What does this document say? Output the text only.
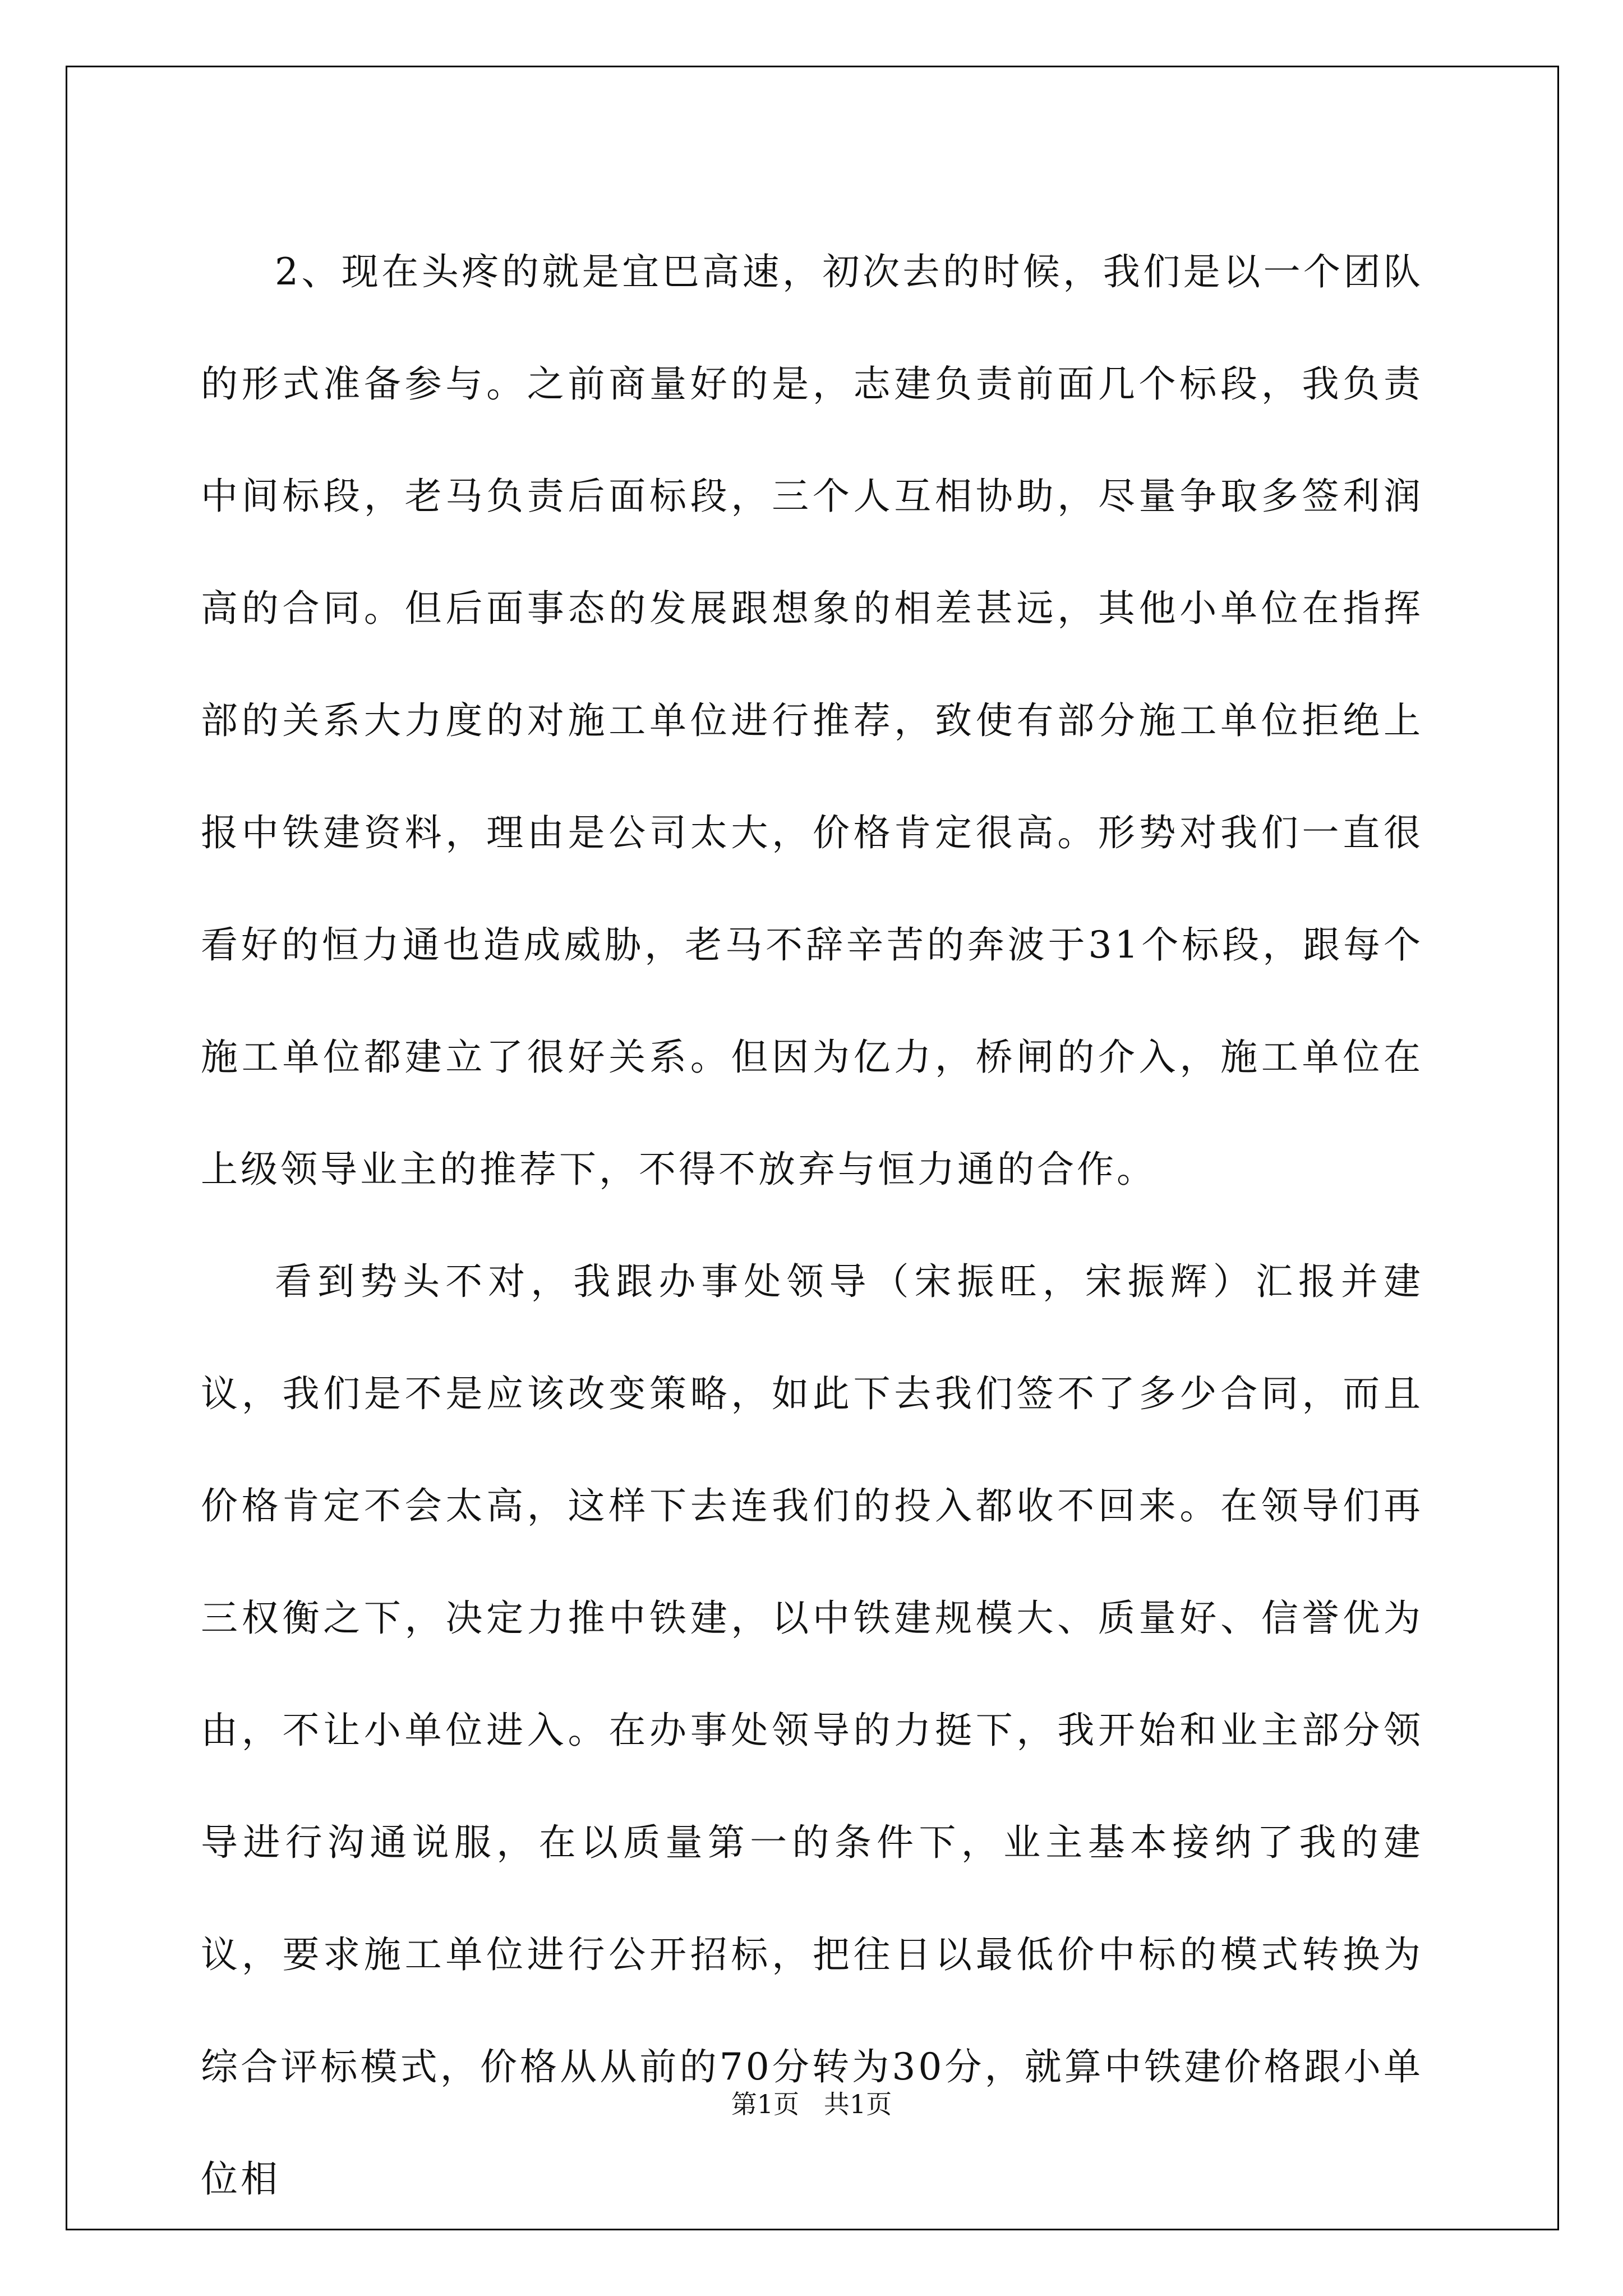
2、现在头疼的就是宜巴高速，初次去的时候，我们是以一个团队的形式准备参与。之前商量好的是，志建负责前面几个标段，我负责中间标段，老马负责后面标段，三个人互相协助，尽量争取多签利润高的合同。但后面事态的发展跟想象的相差甚远，其他小单位在指挥部的关系大力度的对施工单位进行推荐，致使有部分施工单位拒绝上报中铁建资料，理由是公司太大，价格肯定很高。形势对我们一直很看好的恒力通也造成威胁，老马不辞辛苦的奔波于31个标段，跟每个施工单位都建立了很好关系。但因为亿力，桥闸的介入，施工单位在上级领导业主的推荐下，不得不放弃与恒力通的合作。

看到势头不对，我跟办事处领导（宋振旺，宋振辉）汇报并建议，我们是不是应该改变策略，如此下去我们签不了多少合同，而且价格肯定不会太高，这样下去连我们的投入都收不回来。在领导们再三权衡之下，决定力推中铁建，以中铁建规模大、质量好、信誉优为由，不让小单位进入。在办事处领导的力挺下，我开始和业主部分领导进行沟通说服，在以质量第一的条件下，业主基本接纳了我的建议，要求施工单位进行公开招标，把往日以最低价中标的模式转换为综合评标模式，价格从从前的70分转为30分，就算中铁建价格跟小单位相

第1页   共1页
